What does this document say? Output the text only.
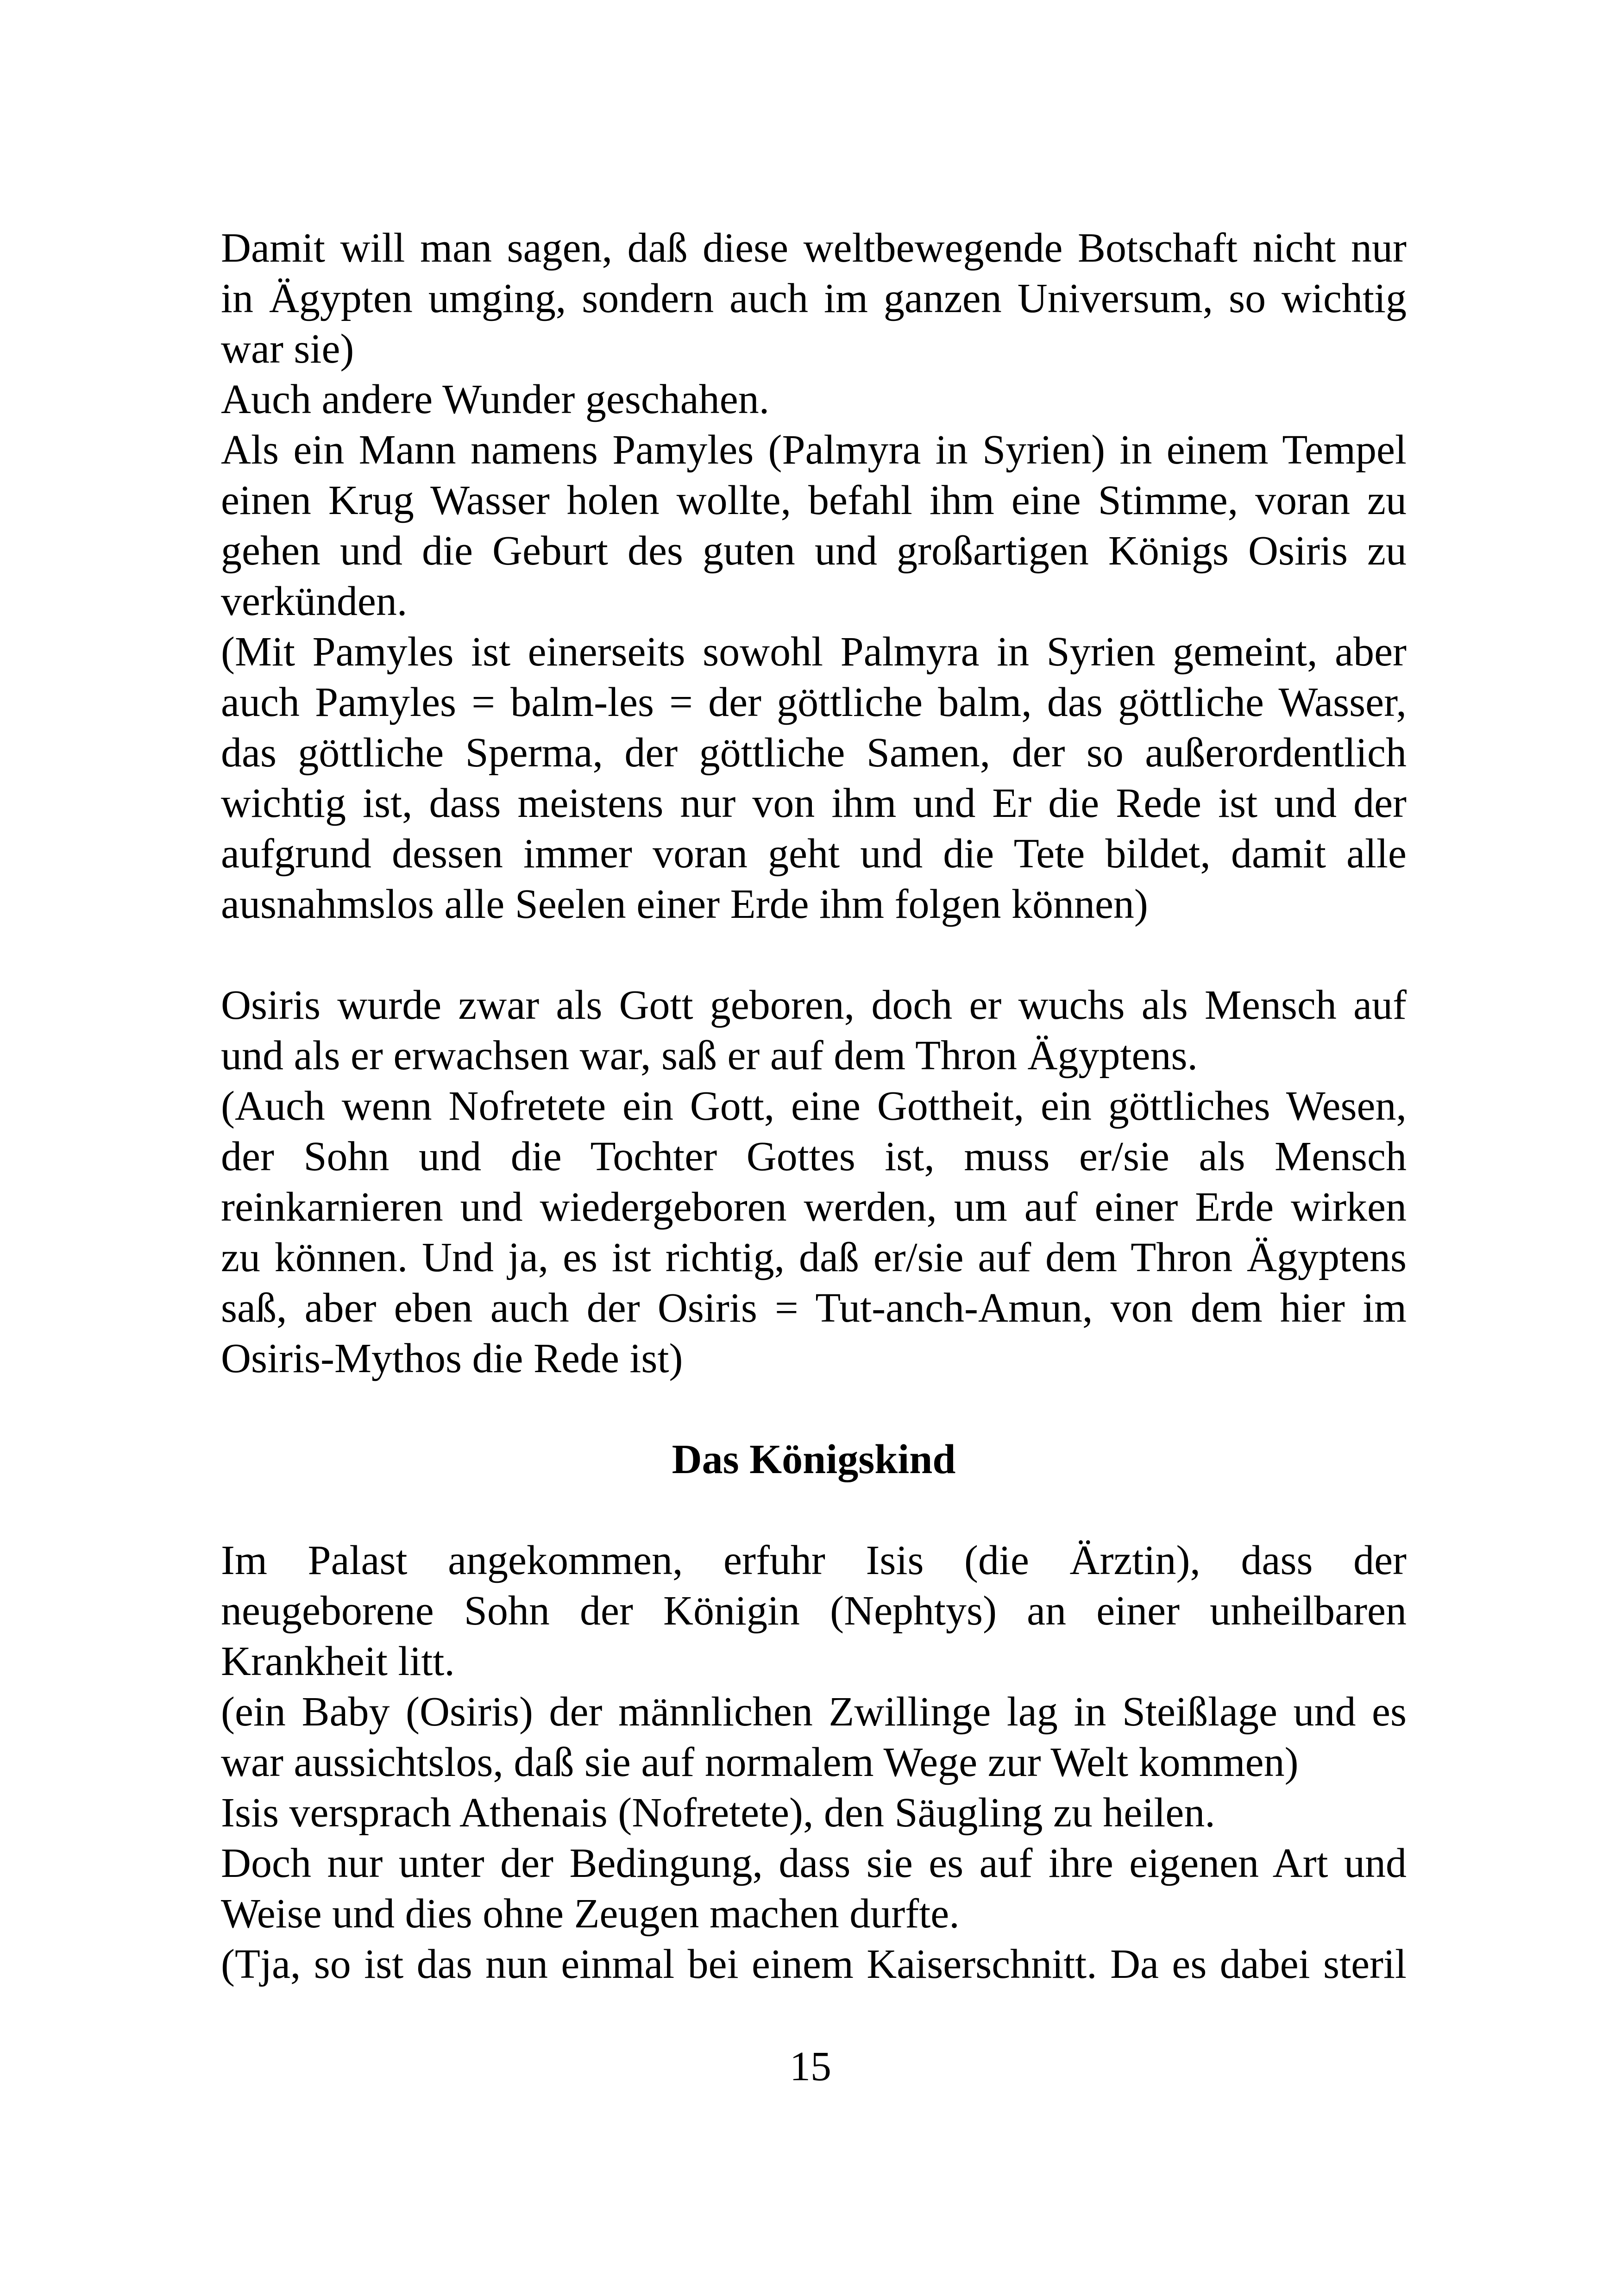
Damit will man sagen, daß diese weltbewegende Botschaft nicht nur
in Ägypten umging, sondern auch im ganzen Universum, so wichtig
war sie)
Auch andere Wunder geschahen.
Als ein Mann namens Pamyles (Palmyra in Syrien) in einem Tempel
einen Krug Wasser holen wollte, befahl ihm eine Stimme, voran zu
gehen und die Geburt des guten und großartigen Königs Osiris zu
verkünden.
(Mit Pamyles ist einerseits sowohl Palmyra in Syrien gemeint, aber
auch Pamyles = balm-les = der göttliche balm, das göttliche Wasser,
das göttliche Sperma, der göttliche Samen, der so außerordentlich
wichtig ist, dass meistens nur von ihm und Er die Rede ist und der
aufgrund dessen immer voran geht und die Tete bildet, damit alle
ausnahmslos alle Seelen einer Erde ihm folgen können)
Osiris wurde zwar als Gott geboren, doch er wuchs als Mensch auf
und als er erwachsen war, saß er auf dem Thron Ägyptens.
(Auch wenn Nofretete ein Gott, eine Gottheit, ein göttliches Wesen,
der Sohn und die Tochter Gottes ist, muss er/sie als Mensch
reinkarnieren und wiedergeboren werden, um auf einer Erde wirken
zu können. Und ja, es ist richtig, daß er/sie auf dem Thron Ägyptens
saß, aber eben auch der Osiris = Tut-anch-Amun, von dem hier im
Osiris-Mythos die Rede ist)
Das Königskind
Im Palast angekommen, erfuhr Isis (die Ärztin), dass der
neugeborene Sohn der Königin (Nephtys) an einer unheilbaren
Krankheit litt.
(ein Baby (Osiris) der männlichen Zwillinge lag in Steißlage und es
war aussichtslos, daß sie auf normalem Wege zur Welt kommen)
Isis versprach Athenais (Nofretete), den Säugling zu heilen.
Doch nur unter der Bedingung, dass sie es auf ihre eigenen Art und
Weise und dies ohne Zeugen machen durfte.
(Tja, so ist das nun einmal bei einem Kaiserschnitt. Da es dabei steril
15
